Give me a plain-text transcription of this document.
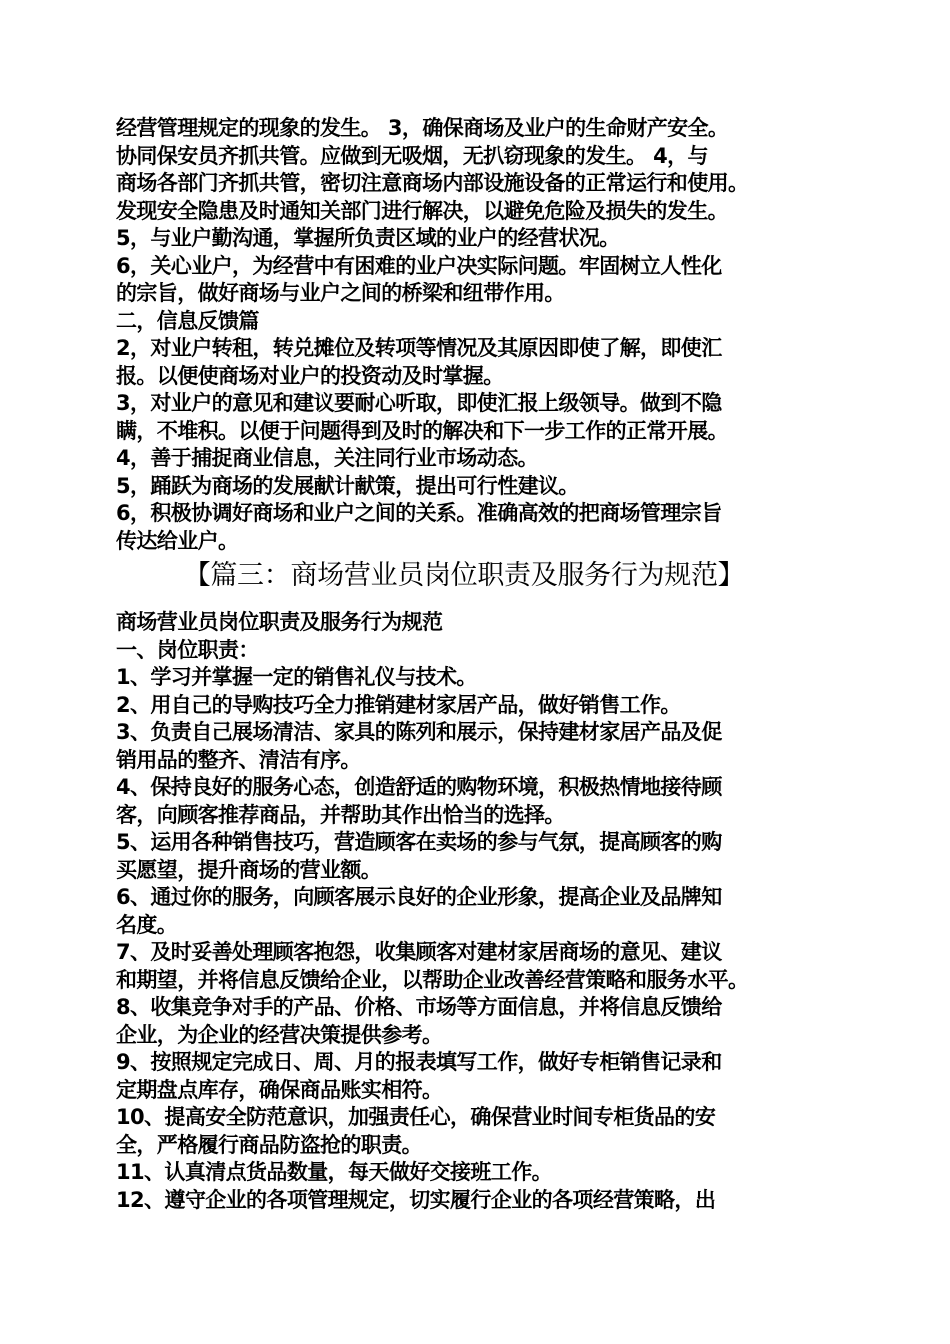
经营管理规定的现象的发生。 3，确保商场及业户的生命财产安全。
协同保安员齐抓共管。应做到无吸烟，无扒窃现象的发生。 4，与
商场各部门齐抓共管，密切注意商场内部设施设备的正常运行和使用。
发现安全隐患及时通知关部门进行解决，以避免危险及损失的发生。
5，与业户勤沟通，掌握所负责区域的业户的经营状况。
6，关心业户，为经营中有困难的业户决实际问题。牢固树立人性化
的宗旨，做好商场与业户之间的桥梁和纽带作用。
二，信息反馈篇
2，对业户转租，转兑摊位及转项等情况及其原因即使了解，即使汇
报。以便使商场对业户的投资动及时掌握。
3，对业户的意见和建议要耐心听取，即使汇报上级领导。做到不隐
瞒，不堆积。以便于问题得到及时的解决和下一步工作的正常开展。
4，善于捕捉商业信息，关注同行业市场动态。
5，踊跃为商场的发展献计献策，提出可行性建议。
6，积极协调好商场和业户之间的关系。准确高效的把商场管理宗旨
传达给业户。
【篇三：商场营业员岗位职责及服务行为规范】
商场营业员岗位职责及服务行为规范
一、岗位职责：
1、学习并掌握一定的销售礼仪与技术。
2、用自己的导购技巧全力推销建材家居产品，做好销售工作。
3、负责自己展场清洁、家具的陈列和展示，保持建材家居产品及促
销用品的整齐、清洁有序。
4、保持良好的服务心态，创造舒适的购物环境，积极热情地接待顾
客，向顾客推荐商品，并帮助其作出恰当的选择。
5、运用各种销售技巧，营造顾客在卖场的参与气氛，提高顾客的购
买愿望，提升商场的营业额。
6、通过你的服务，向顾客展示良好的企业形象，提高企业及品牌知
名度。
7、及时妥善处理顾客抱怨，收集顾客对建材家居商场的意见、建议
和期望，并将信息反馈给企业，以帮助企业改善经营策略和服务水平。
8、收集竞争对手的产品、价格、市场等方面信息，并将信息反馈给
企业，为企业的经营决策提供参考。
9、按照规定完成日、周、月的报表填写工作，做好专柜销售记录和
定期盘点库存，确保商品账实相符。
10、提高安全防范意识，加强责任心，确保营业时间专柜货品的安
全，严格履行商品防盗抢的职责。
11、认真清点货品数量，每天做好交接班工作。
12、遵守企业的各项管理规定，切实履行企业的各项经营策略，出
